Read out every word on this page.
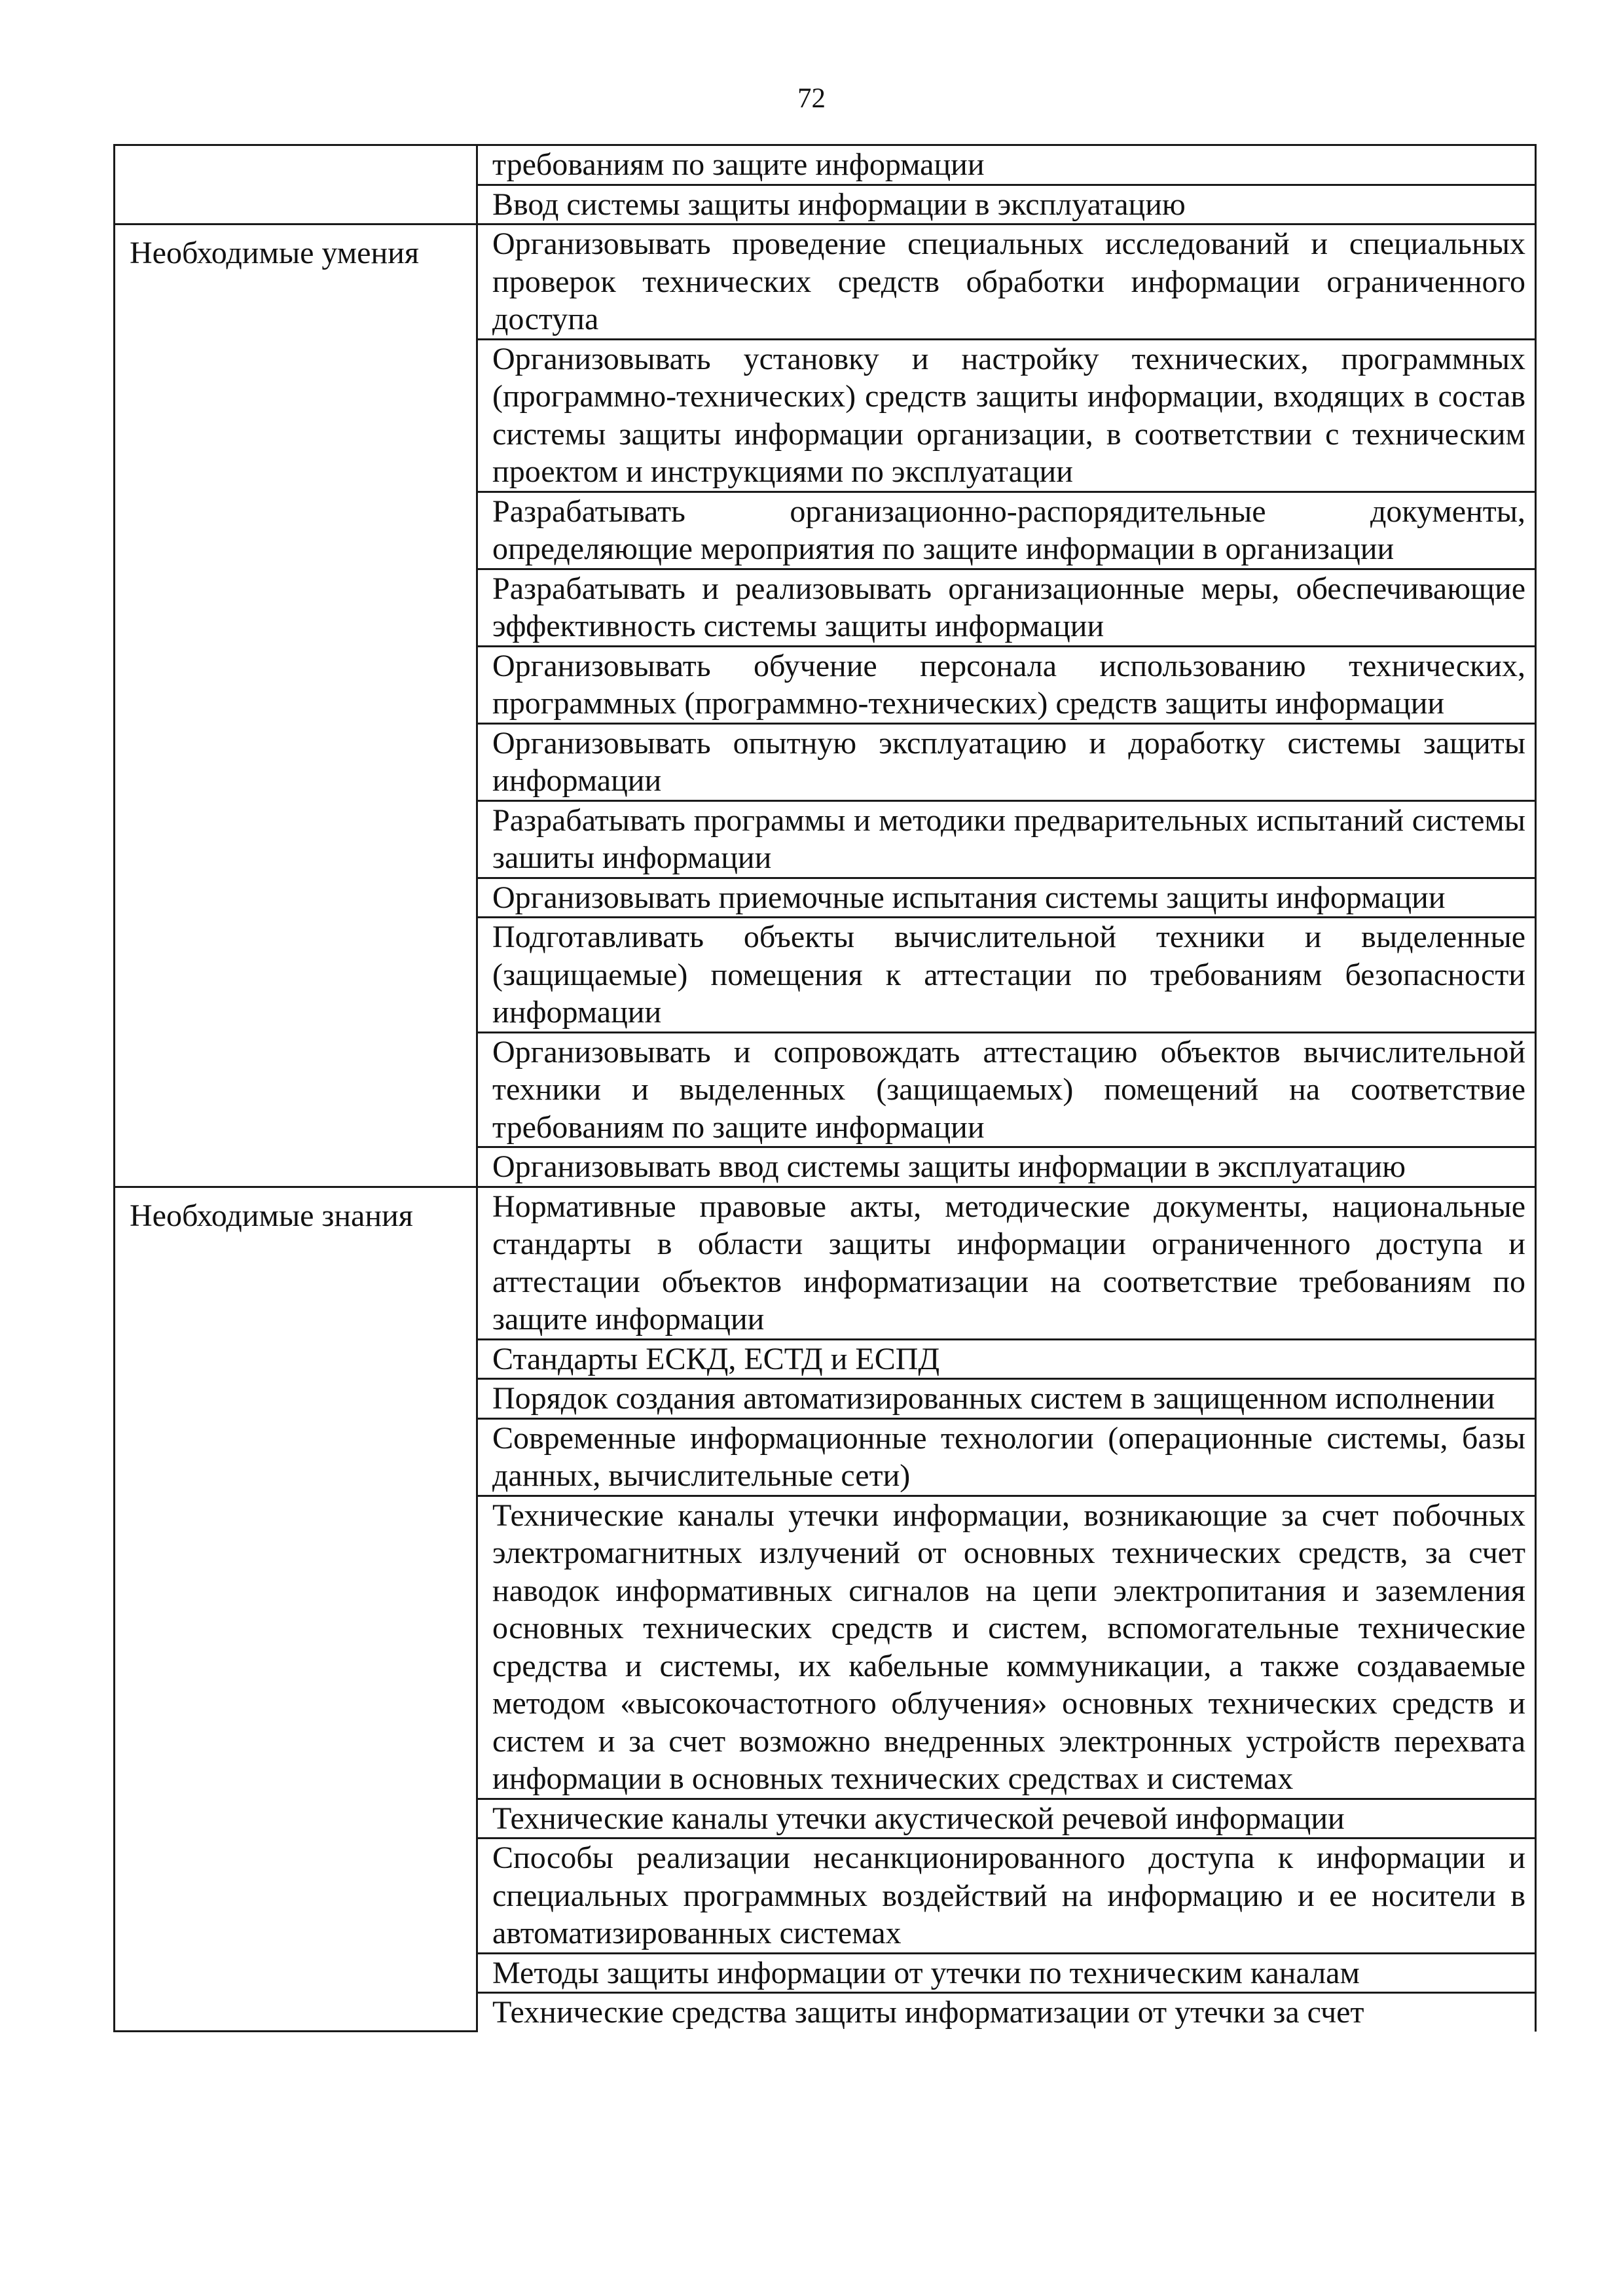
72
	требованиям по защите информации
	Ввод системы защиты информации в эксплуатацию
Необходимые умения	Организовывать проведение специальных исследований и специальных проверок технических средств обработки информации ограниченного доступа
	Организовывать установку и настройку технических, программных (программно-технических) средств защиты информации, входящих в состав системы защиты информации организации, в соответствии с техническим проектом и инструкциями по эксплуатации
	Разрабатывать организационно-распорядительные документы, определяющие мероприятия по защите информации в организации
	Разрабатывать и реализовывать организационные меры, обеспечивающие эффективность системы защиты информации
	Организовывать обучение персонала использованию технических, программных (программно-технических) средств защиты информации
	Организовывать опытную эксплуатацию и доработку системы защиты информации
	Разрабатывать программы и методики предварительных испытаний системы зашиты информации
	Организовывать приемочные испытания системы защиты информации
	Подготавливать объекты вычислительной техники и выделенные (защищаемые) помещения к аттестации по требованиям безопасности информации
	Организовывать и сопровождать аттестацию объектов вычислительной техники и выделенных (защищаемых) помещений на соответствие требованиям по защите информации
	Организовывать ввод системы защиты информации в эксплуатацию
Необходимые знания	Нормативные правовые акты, методические документы, национальные стандарты в области защиты информации ограниченного доступа и аттестации объектов информатизации на соответствие требованиям по защите информации
	Стандарты ЕСКД, ЕСТД и ЕСПД
	Порядок создания автоматизированных систем в защищенном исполнении
	Современные информационные технологии (операционные системы, базы данных, вычислительные сети)
	Технические каналы утечки информации, возникающие за счет побочных электромагнитных излучений от основных технических средств, за счет наводок информативных сигналов на цепи электропитания и заземления основных технических средств и систем, вспомогательные технические средства и системы, их кабельные коммуникации, а также создаваемые методом «высокочастотного облучения» основных технических средств и систем и за счет возможно внедренных электронных устройств перехвата информации в основных технических средствах и системах
	Технические каналы утечки акустической речевой информации
	Способы реализации несанкционированного доступа к информации и специальных программных воздействий на информацию и ее носители в автоматизированных системах
	Методы защиты информации от утечки по техническим каналам
	Технические средства защиты информатизации от утечки за счет
